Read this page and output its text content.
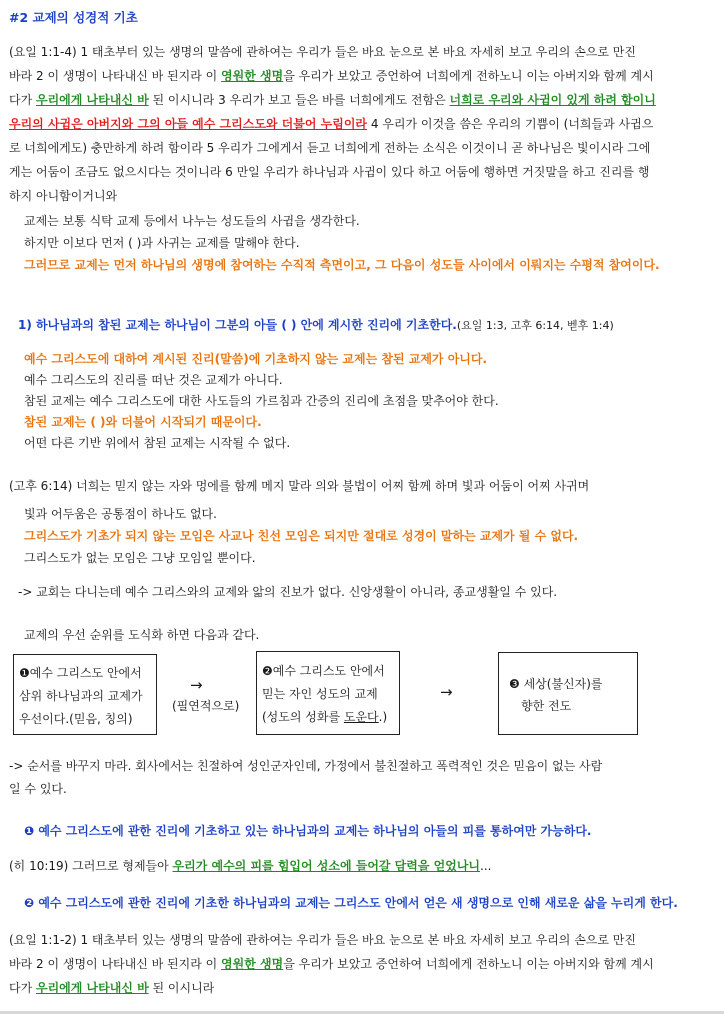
#2 교제의 성경적 기초
(요일 1:1-4) 1 태초부터 있는 생명의 말씀에 관하여는 우리가 들은 바요 눈으로 본 바요 자세히 보고 우리의 손으로 만진
바라 2 이 생명이 나타내신 바 된지라 이 영원한 생명을 우리가 보았고 증언하여 너희에게 전하노니 이는 아버지와 함께 계시
다가 우리에게 나타내신 바 된 이시니라 3 우리가 보고 들은 바를 너희에게도 전함은 너희로 우리와 사귐이 있게 하려 함이니
우리의 사귐은 아버지와 그의 아들 예수 그리스도와 더불어 누림이라 4 우리가 이것을 씀은 우리의 기쁨이 (너희들과 사귐으
로 너희에게도) 충만하게 하려 함이라 5 우리가 그에게서 듣고 너희에게 전하는 소식은 이것이니 곧 하나님은 빛이시라 그에
게는 어둠이 조금도 없으시다는 것이니라 6 만일 우리가 하나님과 사귐이 있다 하고 어둠에 행하면 거짓말을 하고 진리를 행
하지 아니함이거니와
교제는 보통 식탁 교제 등에서 나누는 성도들의 사귐을 생각한다.
하지만 이보다 먼저 ( )과 사귀는 교제를 말해야 한다.
그러므로 교제는 먼저 하나님의 생명에 참여하는 수직적 측면이고, 그 다음이 성도들 사이에서 이뤄지는 수평적 참여이다.
1) 하나님과의 참된 교제는 하나님이 그분의 아들 ( ) 안에 계시한 진리에 기초한다.(요일 1:3, 고후 6:14, 벧후 1:4)
예수 그리스도에 대하여 계시된 진리(말씀)에 기초하지 않는 교제는 참된 교제가 아니다.
예수 그리스도의 진리를 떠난 것은 교제가 아니다.
참된 교제는 예수 그리스도에 대한 사도들의 가르침과 간증의 진리에 초점을 맞추어야 한다.
참된 교제는 ( )와 더불어 시작되기 때문이다.
어떤 다른 기반 위에서 참된 교제는 시작될 수 없다.
(고후 6:14) 너희는 믿지 않는 자와 멍에를 함께 메지 말라 의와 불법이 어찌 함께 하며 빛과 어둠이 어찌 사귀며
빛과 어두움은 공통점이 하나도 없다.
그리스도가 기초가 되지 않는 모임은 사교나 친선 모임은 되지만 절대로 성경이 말하는 교제가 될 수 없다.
그리스도가 없는 모임은 그냥 모임일 뿐이다.
-> 교회는 다니는데 예수 그리스와의 교제와 앎의 진보가 없다. 신앙생활이 아니라, 종교생활일 수 있다.
교제의 우선 순위를 도식화 하면 다음과 같다.
❶예수 그리스도 안에서
삼위 하나님과의 교제가
우선이다.(믿음, 칭의)
→
(필연적으로)
❷예수 그리스도 안에서
믿는 자인 성도의 교제
(성도의 성화를 도운다.)
→	❸ 세상(불신자)를
향한 전도
-> 순서를 바꾸지 마라. 회사에서는 친절하여 성인군자인데, 가정에서 불친절하고 폭력적인 것은 믿음이 없는 사람
일 수 있다.
❶ 예수 그리스도에 관한 진리에 기초하고 있는 하나님과의 교제는 하나님의 아들의 피를 통하여만 가능하다.
(히 10:19) 그러므로 형제들아 우리가 예수의 피를 힘입어 성소에 들어갈 담력을 얻었나니...
❷ 예수 그리스도에 관한 진리에 기초한 하나님과의 교제는 그리스도 안에서 얻은 새 생명으로 인해 새로운 삶을 누리게 한다.
(요일 1:1-2) 1 태초부터 있는 생명의 말씀에 관하여는 우리가 들은 바요 눈으로 본 바요 자세히 보고 우리의 손으로 만진
바라 2 이 생명이 나타내신 바 된지라 이 영원한 생명을 우리가 보았고 증언하여 너희에게 전하노니 이는 아버지와 함께 계시
다가 우리에게 나타내신 바 된 이시니라
